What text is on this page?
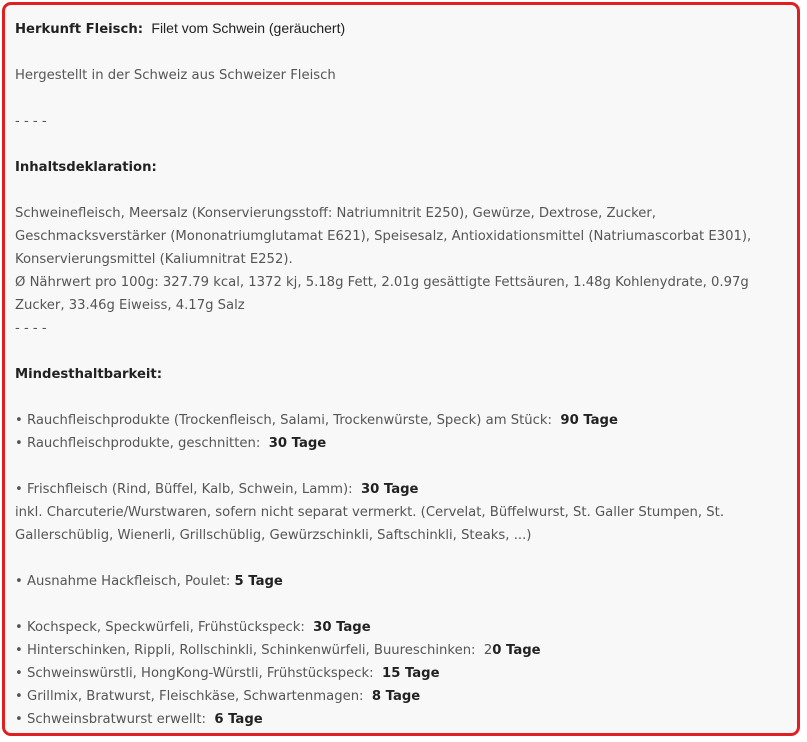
Herkunft Fleisch: Filet vom Schwein (geräuchert)
Hergestellt in der Schweiz aus Schweizer Fleisch
- - - -
Inhaltsdeklaration:
Schweinefleisch, Meersalz (Konservierungsstoff: Natriumnitrit E250), Gewürze, Dextrose, Zucker, Geschmacksverstärker (Mononatriumglutamat E621), Speisesalz, Antioxidationsmittel (Natriumascorbat E301), Konservierungsmittel (Kaliumnitrat E252).
Ø Nährwert pro 100g: 327.79 kcal, 1372 kj, 5.18g Fett, 2.01g gesättigte Fettsäuren, 1.48g Kohlenydrate, 0.97g Zucker, 33.46g Eiweiss, 4.17g Salz
- - - -
Mindesthaltbarkeit:
• Rauchfleischprodukte (Trockenfleisch, Salami, Trockenwürste, Speck) am Stück: 90 Tage
• Rauchfleischprodukte, geschnitten: 30 Tage
• Frischfleisch (Rind, Büffel, Kalb, Schwein, Lamm): 30 Tage
inkl. Charcuterie/Wurstwaren, sofern nicht separat vermerkt. (Cervelat, Büffelwurst, St. Galler Stumpen, St. Gallerschüblig, Wienerli, Grillschüblig, Gewürzschinkli, Saftschinkli, Steaks, ...)
• Ausnahme Hackfleisch, Poulet: 5 Tage
• Kochspeck, Speckwürfeli, Frühstückspeck: 30 Tage
• Hinterschinken, Rippli, Rollschinkli, Schinkenwürfeli, Buureschinken: 20 Tage
• Schweinswürstli, HongKong-Würstli, Frühstückspeck: 15 Tage
• Grillmix, Bratwurst, Fleischkäse, Schwartenmagen: 8 Tage
• Schweinsbratwurst erwellt: 6 Tage
